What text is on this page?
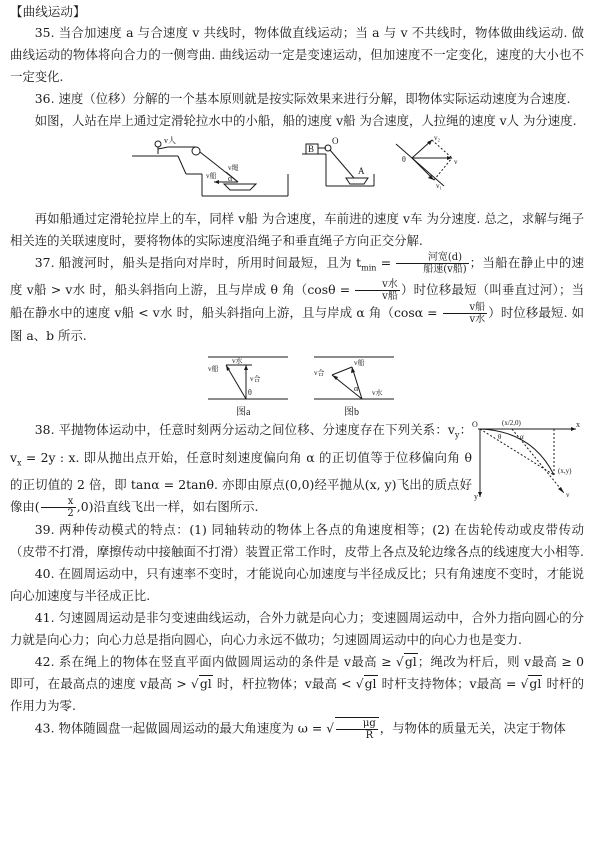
【曲线运动】

35. 当合加速度 a 与合速度 v 共线时，物体做直线运动；当 a 与 v 不共线时，物体做曲线运动. 做曲线运动的物体将向合力的一侧弯曲. 曲线运动一定是变速运动，但加速度不一定变化，速度的大小也不一定变化.

36. 速度（位移）分解的一个基本原则就是按实际效果来进行分解，即物体实际运动速度为合速度.

如图，人站在岸上通过定滑轮拉水中的小船，船的速度 v船 为合速度，人拉绳的速度 v人 为分速度.

v人
v船
v绳
α
B
O
A
θ
v₂
v
v₁

再如船通过定滑轮拉岸上的车，同样 v船 为合速度，车前进的速度 v车 为分速度. 总之，求解与绳子相关连的关联速度时，要将物体的实际速度沿绳子和垂直绳子方向正交分解.

37. 船渡河时，船头是指向对岸时，所用时间最短，且为 $t_{min} = \frac{\text{河宽(d)}}{\text{船速(v船)}}$ ；当船在静止中的速度 v船 > v水 时，船头斜指向上游，且与岸成 θ 角（$\cos\theta = \frac{\text{v水}}{\text{v船}}$ ）时位移最短（叫垂直过河）；当船在静水中的速度 v船 < v水 时，船头斜指向上游，且与岸成 α 角（$\cos\alpha = \frac{\text{v船}}{\text{v水}}$ ）时位移最短. 如图 a、b 所示.

v船
v水
v合
θ
图a
v合
v船
α v水
图b
O	(x/2,0)	x
y
θ	α
(x,y)
v

38. 平抛物体运动中，任意时刻两分运动之间位移、分速度存在下列关系：$v_y$：$v_x = 2y$ : x. 即从抛出点开始，任意时刻速度偏向角 α 的正切值等于位移偏向角 θ 的正切值的 2 倍，即 tanα = 2tanθ. 亦即由原点(0,0)经平抛从(x, y)飞出的质点好像由( $\frac{x}{2} ,0$)沿直线飞出一样，如右图所示.

39. 两种传动模式的特点：(1) 同轴转动的物体上各点的角速度相等；(2) 在齿轮传动或皮带传动（皮带不打滑，摩擦传动中接触面不打滑）装置正常工作时，皮带上各点及轮边缘各点的线速度大小相等.

40. 在圆周运动中，只有速率不变时，才能说向心加速度与半径成反比；只有角速度不变时，才能说向心加速度与半径成正比.

41. 匀速圆周运动是非匀变速曲线运动，合外力就是向心力；变速圆周运动中，合外力指向圆心的分力就是向心力；向心力总是指向圆心，向心力永远不做功；匀速圆周运动中的向心力也是变力.

42. 系在绳上的物体在竖直平面内做圆周运动的条件是 v最高 ≥ √gl；绳改为杆后，则 v最高 ≥ 0 即可，在最高点的速度 v最高 > √gl 时，杆拉物体；v最高 < √gl 时杆支持物体；v最高 = √gl 时杆的作用力为零.

43. 物体随圆盘一起做圆周运动的最大角速度为 ω = √ $\frac{\mu g}{R}$ ，与物体的质量无关，决定于物体
